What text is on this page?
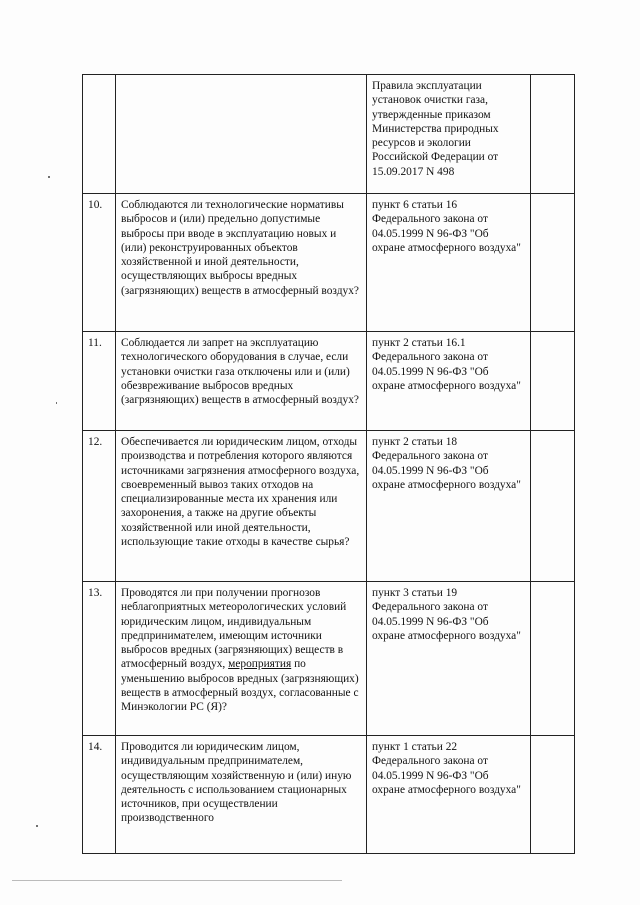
		Правила эксплуатации установок очистки газа, утвержденные приказом Министерства природных ресурсов и экологии Российской Федерации от 15.09.2017 N 498	

10.	Соблюдаются ли технологические нормативы выбросов и (или) предельно допустимые выбросы при вводе в эксплуатацию новых и (или) реконструированных объектов хозяйственной и иной деятельности, осуществляющих выбросы вредных (загрязняющих) веществ в атмосферный воздух?	пункт 6 статьи 16 Федерального закона от 04.05.1999 N 96-ФЗ "Об охране атмосферного воздуха"	

11.	Соблюдается ли запрет на эксплуатацию технологического оборудования в случае, если установки очистки газа отключены или и (или) обезвреживание выбросов вредных (загрязняющих) веществ в атмосферный воздух?	пункт 2 статьи 16.1 Федерального закона от 04.05.1999 N 96-ФЗ "Об охране атмосферного воздуха"	

12.	Обеспечивается ли юридическим лицом, отходы производства и потребления которого являются источниками загрязнения атмосферного воздуха, своевременный вывоз таких отходов на специализированные места их хранения или захоронения, а также на другие объекты хозяйственной или иной деятельности, использующие такие отходы в качестве сырья?	пункт 2 статьи 18 Федерального закона от 04.05.1999 N 96-ФЗ "Об охране атмосферного воздуха"	

13.	Проводятся ли при получении прогнозов неблагоприятных метеорологических условий юридическим лицом, индивидуальным предпринимателем, имеющим источники выбросов вредных (загрязняющих) веществ в атмосферный воздух, мероприятия по уменьшению выбросов вредных (загрязняющих) веществ в атмосферный воздух, согласованные с Минэкологии РС (Я)?	пункт 3 статьи 19 Федерального закона от 04.05.1999 N 96-ФЗ "Об охране атмосферного воздуха"	

14.	Проводится ли юридическим лицом, индивидуальным предпринимателем, осуществляющим хозяйственную и (или) иную деятельность с использованием стационарных источников, при осуществлении производственного	пункт 1 статьи 22 Федерального закона от 04.05.1999 N 96-ФЗ "Об охране атмосферного воздуха"	
